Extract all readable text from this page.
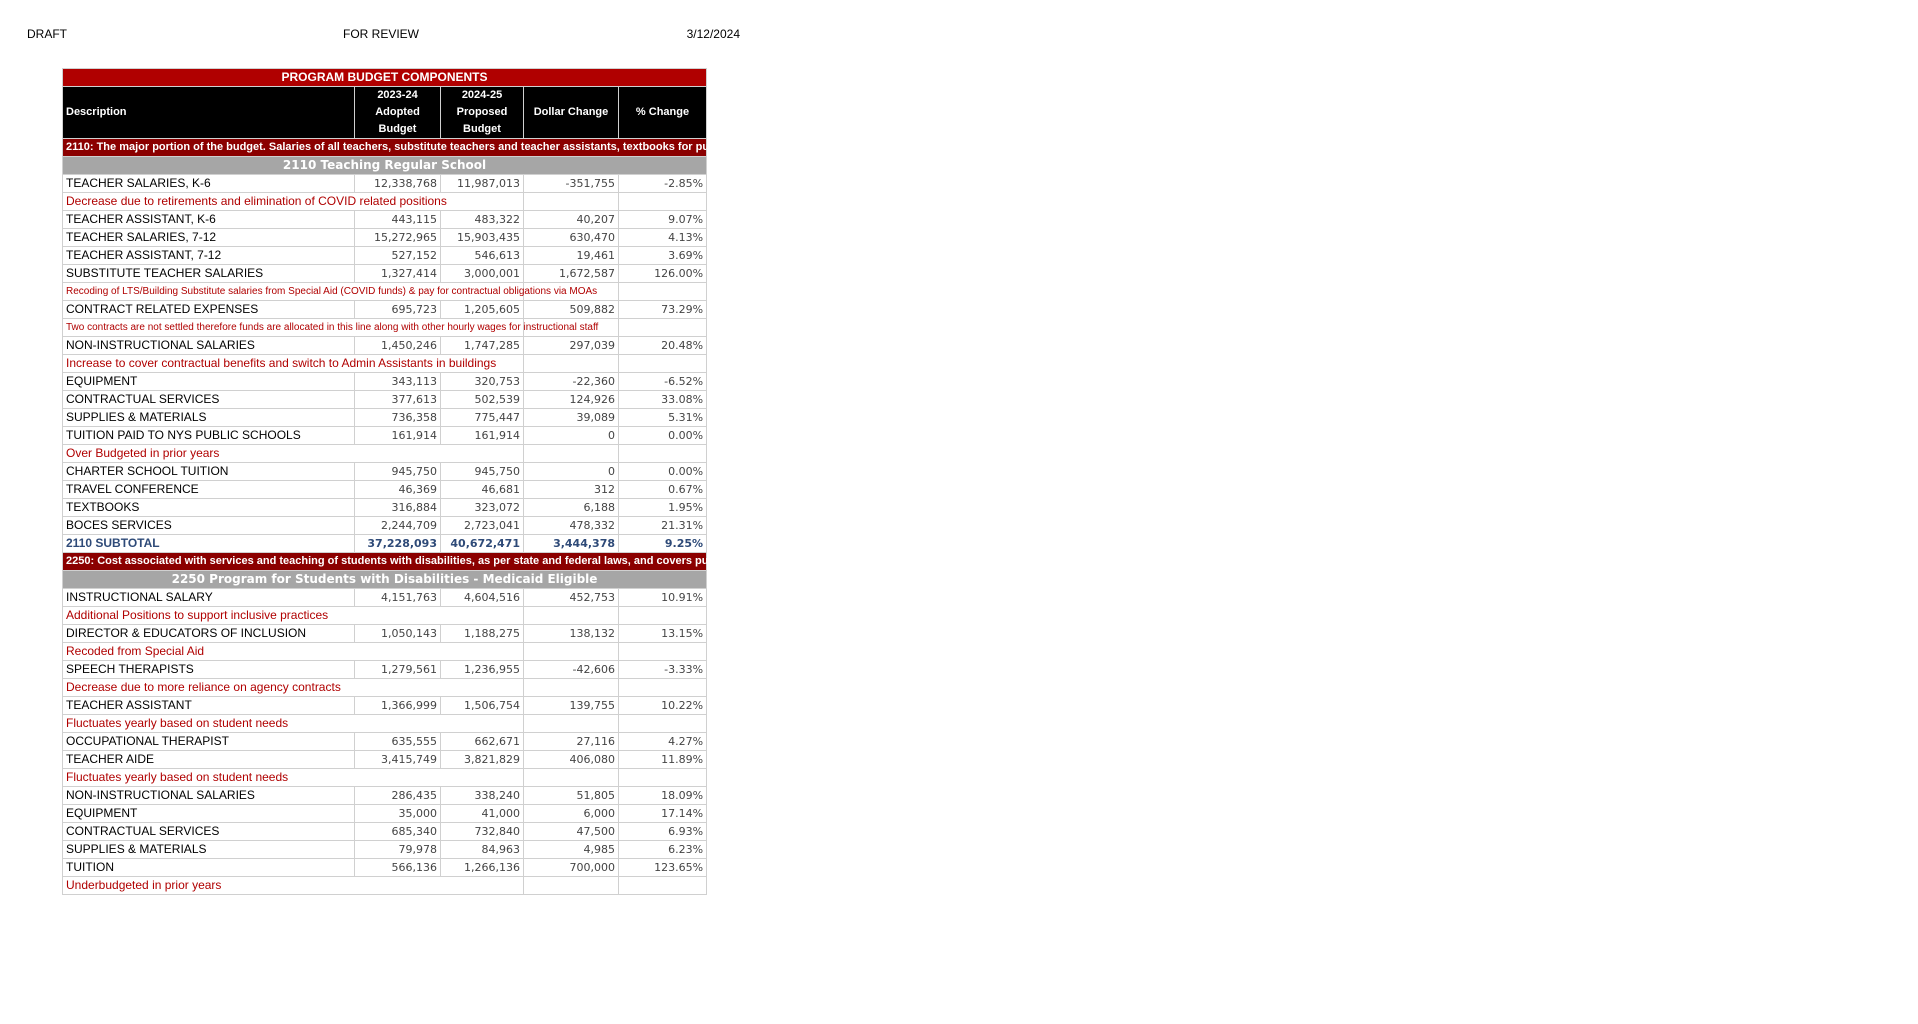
DRAFT	FOR REVIEW	3/12/2024
PROGRAM BUDGET COMPONENTS				
Description	2023-24 Adopted Budget	2024-25 Proposed Budget	Dollar Change	% Change
2110: The major portion of the budget. Salaries of all teachers, substitute teachers and teacher assistants, textbooks for public and private students, supplies, equipment, service contracts, district fine and performing arts programs, physical education, repairs and other mandated expenses. Includes Deans of Students, ENL, AIS, and Teacher In Reserve:				
2110 Teaching Regular School				
TEACHER SALARIES, K-6	12,338,768	11,987,013	-351,755	-2.85%
Decrease due to retirements and elimination of COVID related positions				
TEACHER ASSISTANT, K-6	443,115	483,322	40,207	9.07%
TEACHER SALARIES, 7-12	15,272,965	15,903,435	630,470	4.13%
TEACHER ASSISTANT, 7-12	527,152	546,613	19,461	3.69%
SUBSTITUTE TEACHER SALARIES	1,327,414	3,000,001	1,672,587	126.00%
Recoding of LTS/Building Substitute salaries from Special Aid (COVID funds) & pay for contractual obligations via MOAs				
CONTRACT RELATED EXPENSES	695,723	1,205,605	509,882	73.29%
Two contracts are not settled therefore funds are allocated in this line along with other hourly wages for instructional staff				
NON-INSTRUCTIONAL SALARIES	1,450,246	1,747,285	297,039	20.48%
Increase to cover contractual benefits and switch to Admin Assistants in buildings				
EQUIPMENT	343,113	320,753	-22,360	-6.52%
CONTRACTUAL SERVICES	377,613	502,539	124,926	33.08%
SUPPLIES & MATERIALS	736,358	775,447	39,089	5.31%
TUITION PAID TO NYS PUBLIC SCHOOLS	161,914	161,914	0	0.00%
Over Budgeted in prior years				
CHARTER SCHOOL TUITION	945,750	945,750	0	0.00%
TRAVEL CONFERENCE	46,369	46,681	312	0.67%
TEXTBOOKS	316,884	323,072	6,188	1.95%
BOCES SERVICES	2,244,709	2,723,041	478,332	21.31%
2110 SUBTOTAL	37,228,093	40,672,471	3,444,378	9.25%
2250: Cost associated with services and teaching of students with disabilities, as per state and federal laws, and covers pupils placed out of the district, at BOCES as well as in the district. Includes salaries, out-of-district tuition, hearings and evaluations:				
2250 Program for Students with Disabilities - Medicaid Eligible				
INSTRUCTIONAL SALARY	4,151,763	4,604,516	452,753	10.91%
Additional Positions to support inclusive practices				
DIRECTOR & EDUCATORS OF INCLUSION	1,050,143	1,188,275	138,132	13.15%
Recoded from Special Aid				
SPEECH THERAPISTS	1,279,561	1,236,955	-42,606	-3.33%
Decrease due to more reliance on agency contracts				
TEACHER ASSISTANT	1,366,999	1,506,754	139,755	10.22%
Fluctuates yearly based on student needs				
OCCUPATIONAL THERAPIST	635,555	662,671	27,116	4.27%
TEACHER AIDE	3,415,749	3,821,829	406,080	11.89%
Fluctuates yearly based on student needs				
NON-INSTRUCTIONAL SALARIES	286,435	338,240	51,805	18.09%
EQUIPMENT	35,000	41,000	6,000	17.14%
CONTRACTUAL SERVICES	685,340	732,840	47,500	6.93%
SUPPLIES & MATERIALS	79,978	84,963	4,985	6.23%
TUITION	566,136	1,266,136	700,000	123.65%
Underbudgeted in prior years				
